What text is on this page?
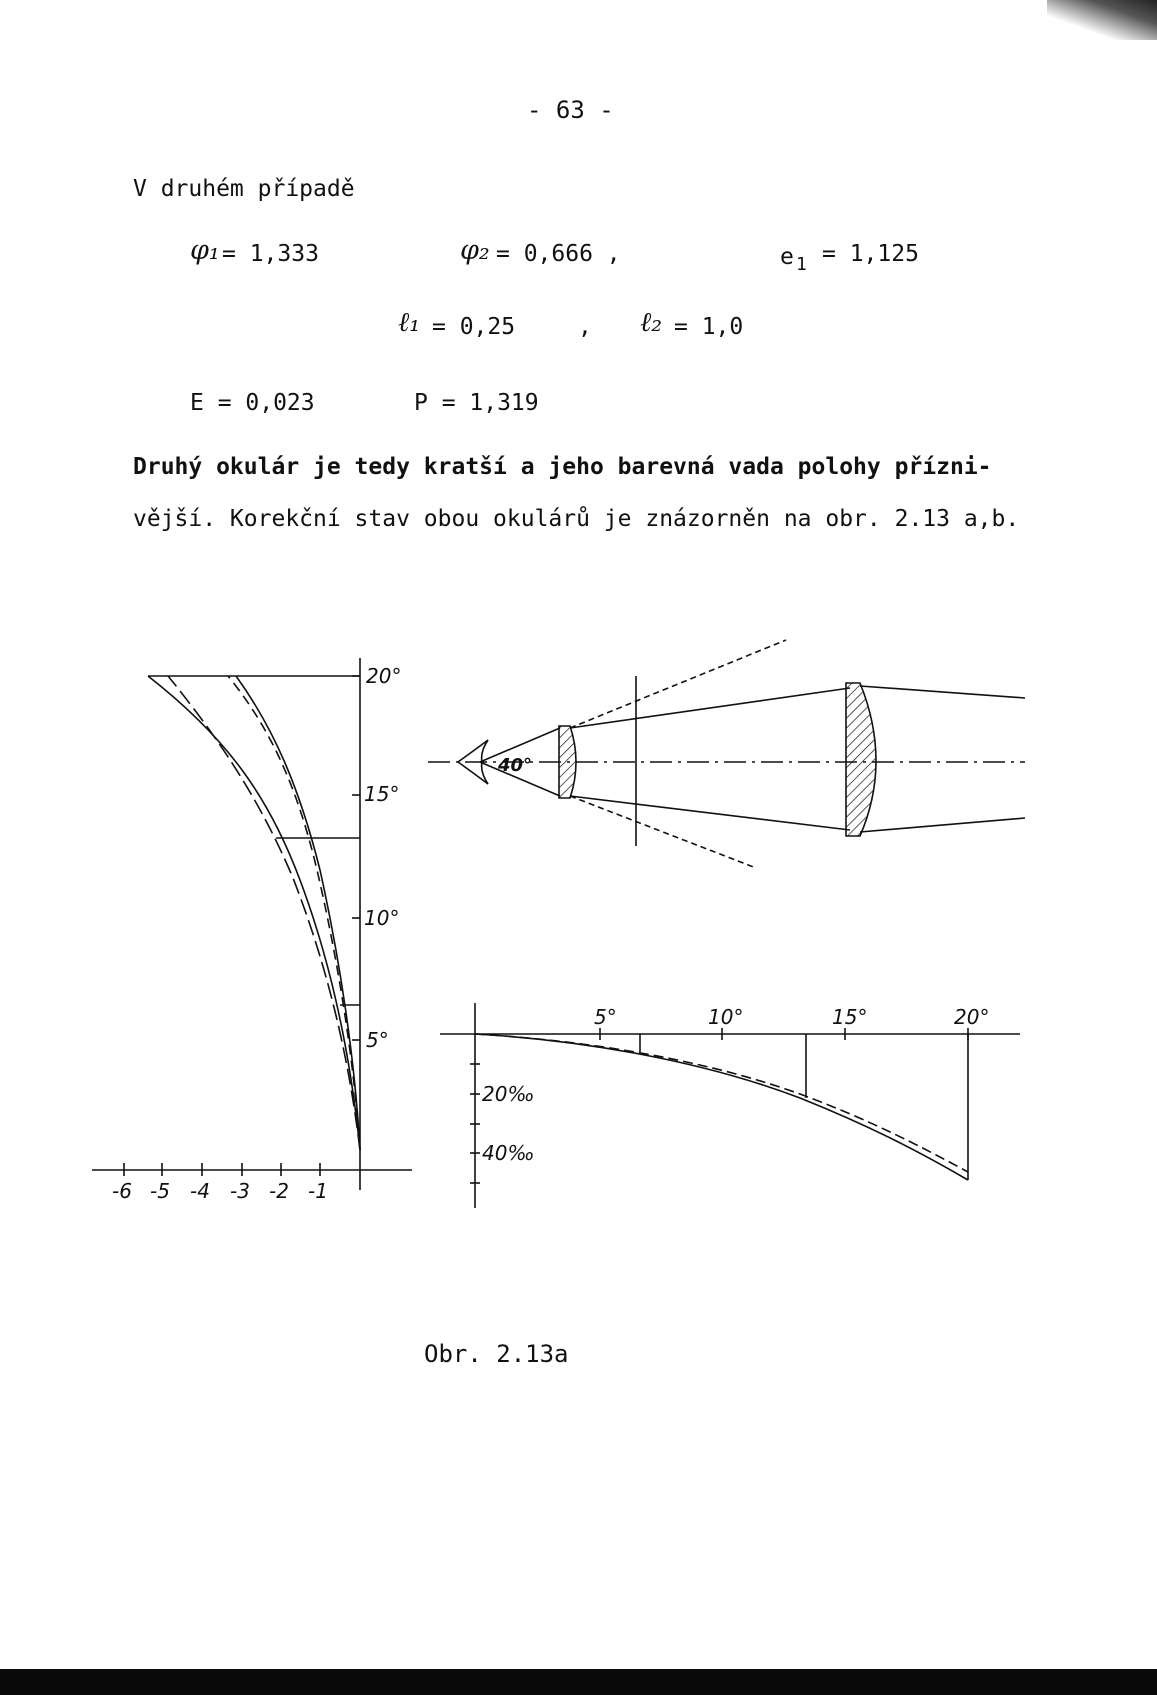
- 63 -
V druhém případě
φ₁ = 1,333	φ₂ = 0,666 ,	e 1 = 1,125
ℓ₁ = 0,25	, ℓ₂ = 1,0
E = 0,023	P = 1,319
Druhý okulár je tedy kratší a jeho barevná vada polohy přízni-
vější. Korekční stav obou okulárů je znázorněn na obr. 2.13 a,b.
20°
15°
10°
5°
-6 -5 -4 -3 -2 -1
40°
5°	10°	15°	20°
20‰
40‰
Obr. 2.13a
